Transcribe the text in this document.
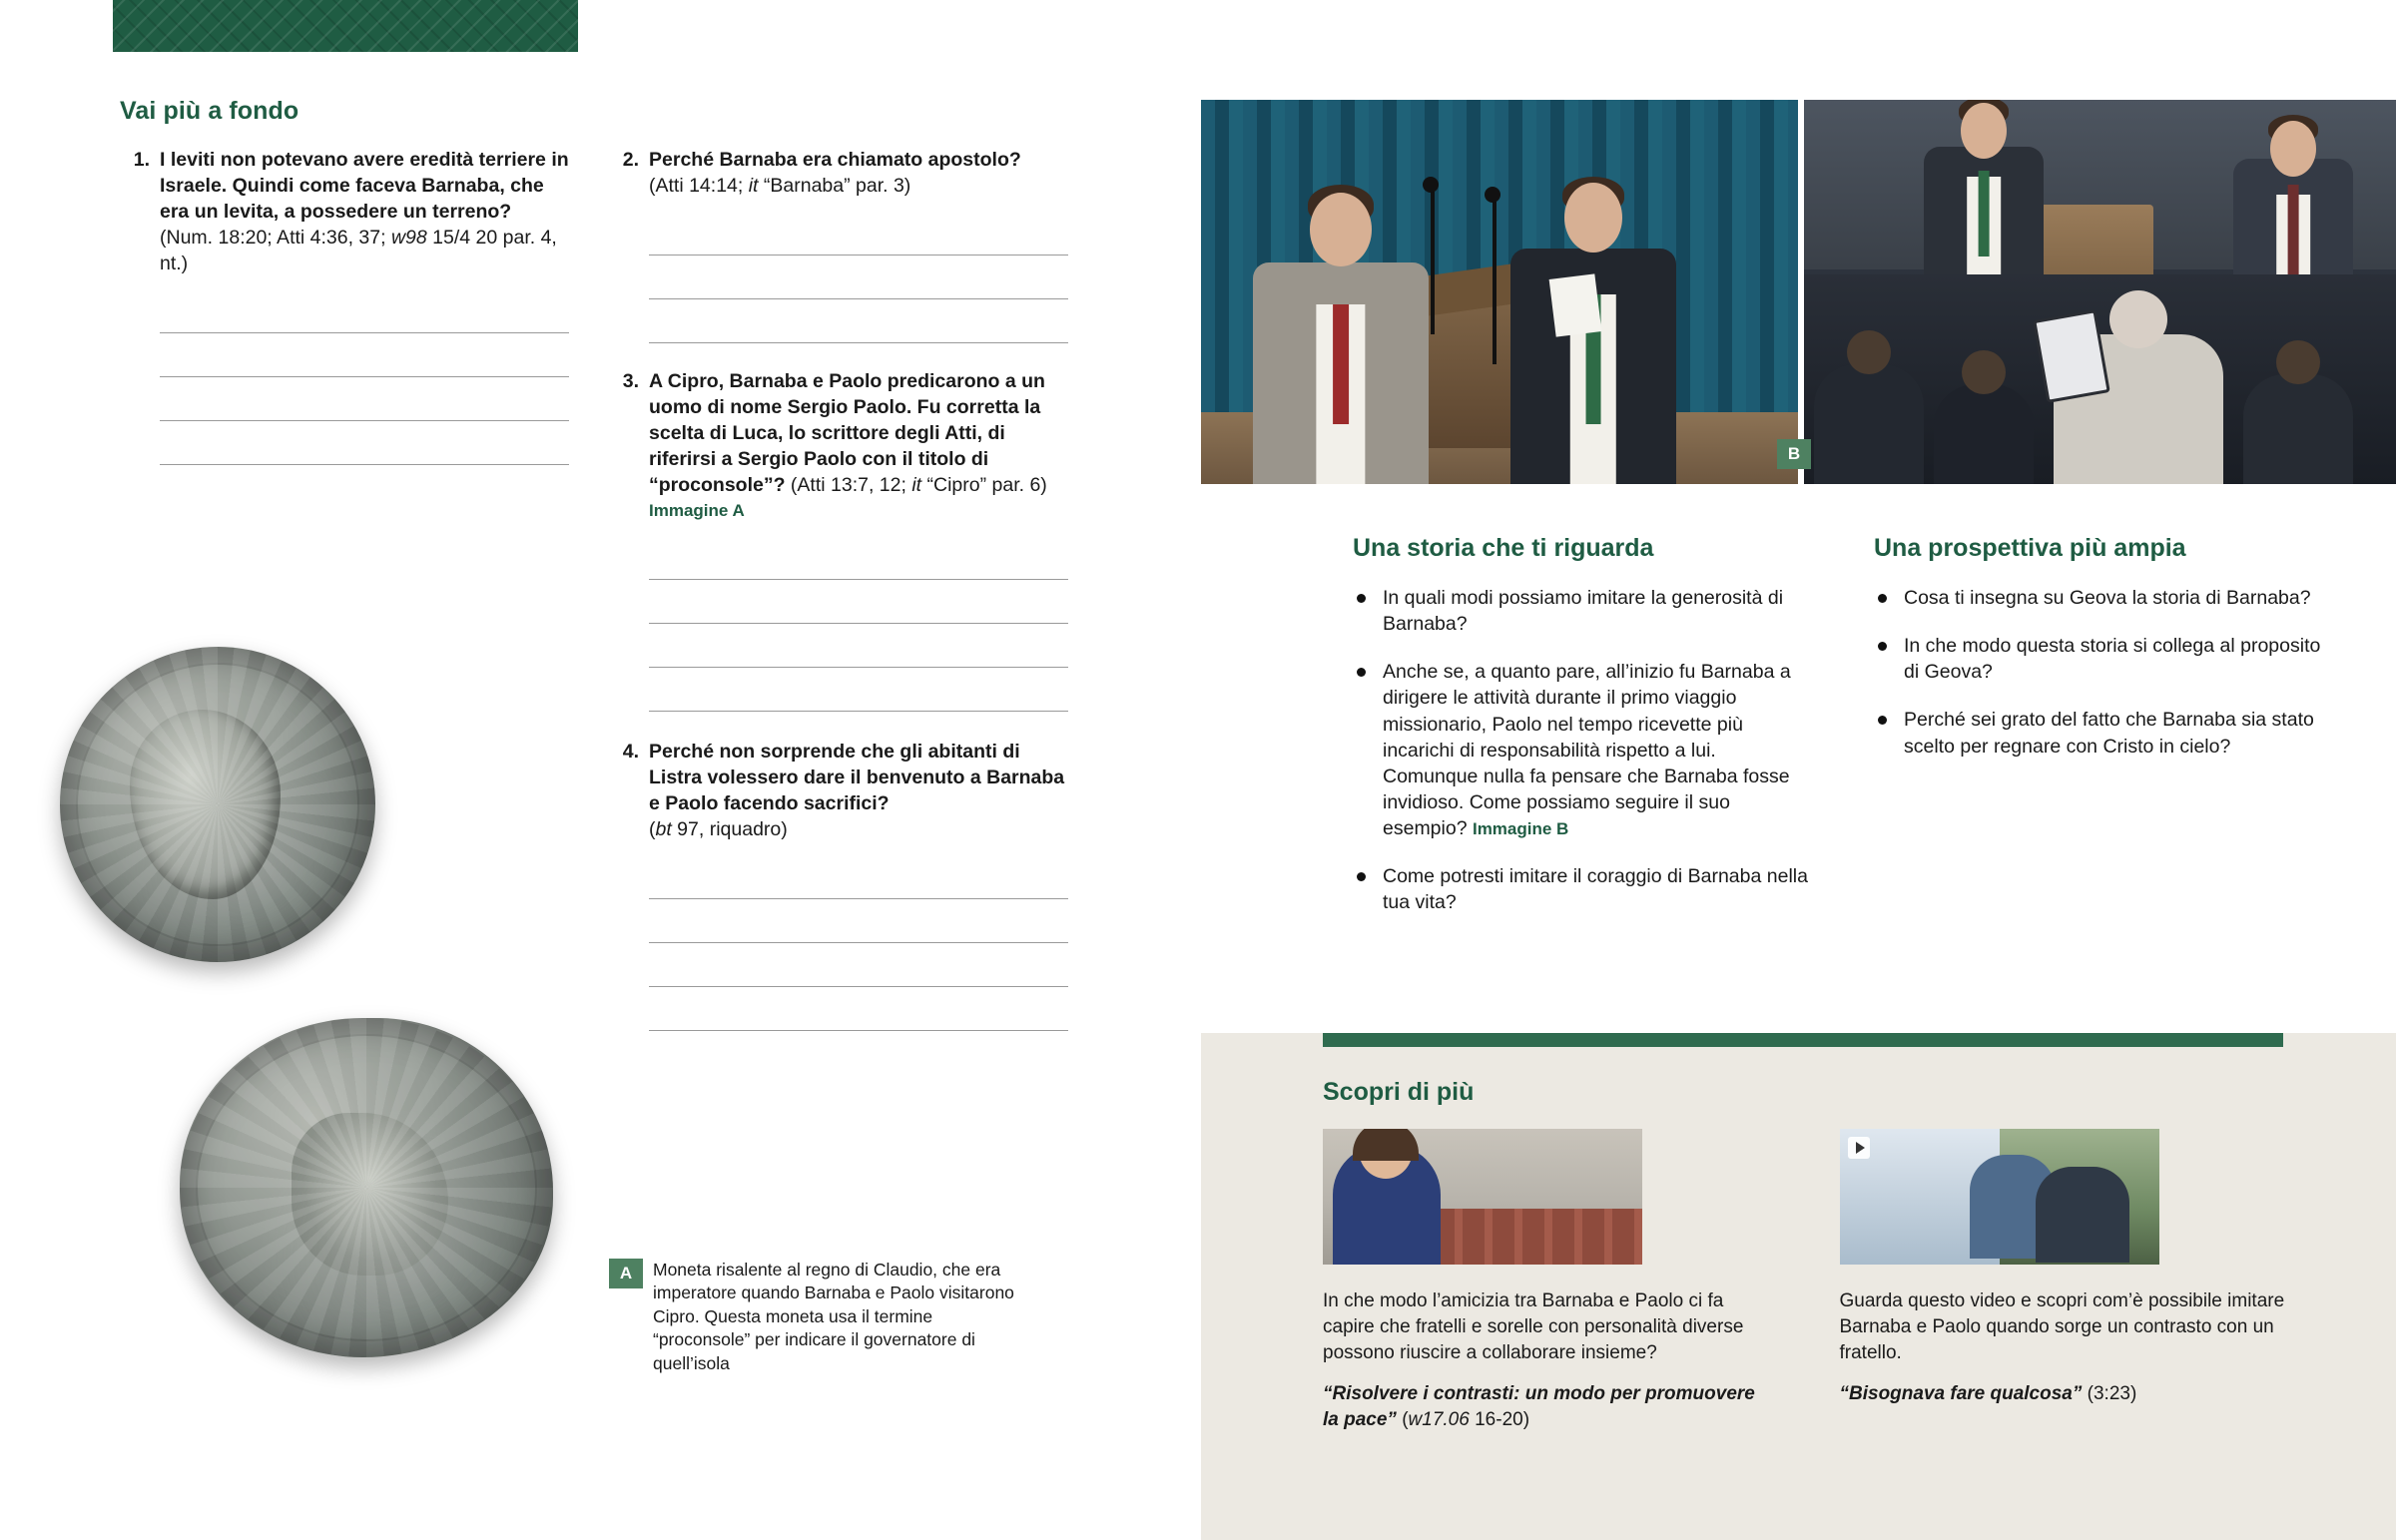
Vai più a fondo
1. I leviti non potevano avere eredità terriere in Israele. Quindi come faceva Barnaba, che era un levita, a possedere un terreno? (Num. 18:20; Atti 4:36, 37; w98 15/4 20 par. 4, nt.)
2. Perché Barnaba era chiamato apostolo?
(Atti 14:14; it “Barnaba” par. 3)
3. A Cipro, Barnaba e Paolo predicarono a un uomo di nome Sergio Paolo. Fu corretta la scelta di Luca, lo scrittore degli Atti, di riferirsi a Sergio Paolo con il titolo di “proconsole”? (Atti 13:7, 12; it “Cipro” par. 6) Immagine A
4. Perché non sorprende che gli abitanti di Listra volessero dare il benvenuto a Barnaba e Paolo facendo sacrifici?
(bt 97, riquadro)
A Moneta risalente al regno di Claudio, che era imperatore quando Barnaba e Paolo visitarono Cipro. Questa moneta usa il termine “proconsole” per indicare il governatore di quell’isola
B
Una storia che ti riguarda
In quali modi possiamo imitare la generosità di Barnaba?
Anche se, a quanto pare, all’inizio fu Barnaba a dirigere le attività durante il primo viaggio missionario, Paolo nel tempo ricevette più incarichi di responsabilità rispetto a lui. Comunque nulla fa pensare che Barnaba fosse invidioso. Come possiamo seguire il suo esempio? Immagine B
Come potresti imitare il coraggio di Barnaba nella tua vita?
Una prospettiva più ampia
Cosa ti insegna su Geova la storia di Barnaba?
In che modo questa storia si collega al proposito di Geova?
Perché sei grato del fatto che Barnaba sia stato scelto per regnare con Cristo in cielo?
Scopri di più
In che modo l’amicizia tra Barnaba e Paolo ci fa capire che fratelli e sorelle con personalità diverse possono riuscire a collaborare insieme?
“Risolvere i contrasti: un modo per promuovere la pace” (w17.06 16-20)
Guarda questo video e scopri com’è possibile imitare Barnaba e Paolo quando sorge un contrasto con un fratello.
“Bisognava fare qualcosa” (3:23)
